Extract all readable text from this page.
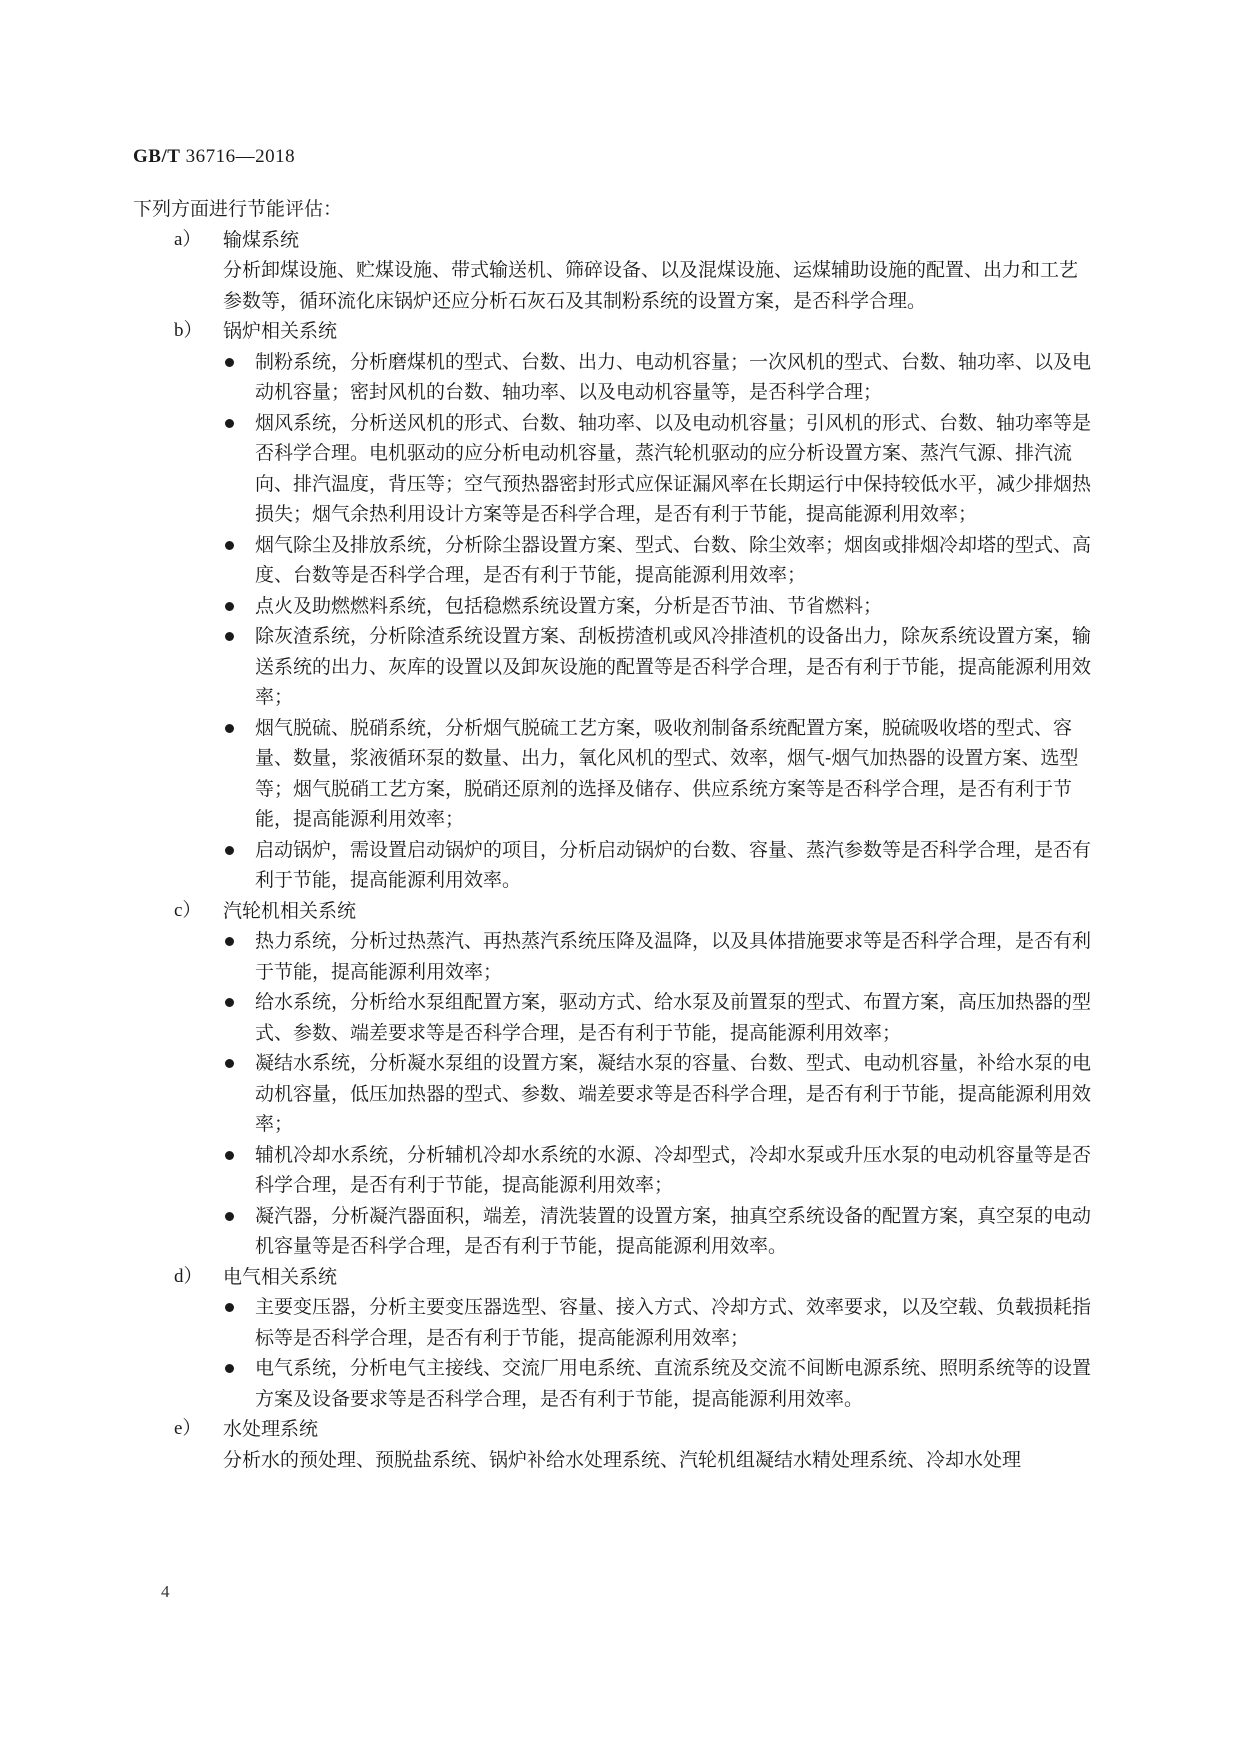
GB/T 36716—2018

下列方面进行节能评估：

a） 输煤系统

分析卸煤设施、贮煤设施、带式输送机、筛碎设备、以及混煤设施、运煤辅助设施的配置、出力和工艺参数等，循环流化床锅炉还应分析石灰石及其制粉系统的设置方案，是否科学合理。

b） 锅炉相关系统
制粉系统，分析磨煤机的型式、台数、出力、电动机容量；一次风机的型式、台数、轴功率、以及电动机容量；密封风机的台数、轴功率、以及电动机容量等，是否科学合理；
烟风系统，分析送风机的形式、台数、轴功率、以及电动机容量；引风机的形式、台数、轴功率等是否科学合理。电机驱动的应分析电动机容量，蒸汽轮机驱动的应分析设置方案、蒸汽气源、排汽流向、排汽温度，背压等；空气预热器密封形式应保证漏风率在长期运行中保持较低水平，减少排烟热损失；烟气余热利用设计方案等是否科学合理，是否有利于节能，提高能源利用效率；
烟气除尘及排放系统，分析除尘器设置方案、型式、台数、除尘效率；烟囱或排烟冷却塔的型式、高度、台数等是否科学合理，是否有利于节能，提高能源利用效率；
点火及助燃燃料系统，包括稳燃系统设置方案，分析是否节油、节省燃料；
除灰渣系统，分析除渣系统设置方案、刮板捞渣机或风冷排渣机的设备出力，除灰系统设置方案，输送系统的出力、灰库的设置以及卸灰设施的配置等是否科学合理，是否有利于节能，提高能源利用效率；
烟气脱硫、脱硝系统，分析烟气脱硫工艺方案，吸收剂制备系统配置方案，脱硫吸收塔的型式、容量、数量，浆液循环泵的数量、出力，氧化风机的型式、效率，烟气-烟气加热器的设置方案、选型等；烟气脱硝工艺方案，脱硝还原剂的选择及储存、供应系统方案等是否科学合理，是否有利于节能，提高能源利用效率；
启动锅炉，需设置启动锅炉的项目，分析启动锅炉的台数、容量、蒸汽参数等是否科学合理，是否有利于节能，提高能源利用效率。
c） 汽轮机相关系统
热力系统，分析过热蒸汽、再热蒸汽系统压降及温降，以及具体措施要求等是否科学合理，是否有利于节能，提高能源利用效率；
给水系统，分析给水泵组配置方案，驱动方式、给水泵及前置泵的型式、布置方案，高压加热器的型式、参数、端差要求等是否科学合理，是否有利于节能，提高能源利用效率；
凝结水系统，分析凝水泵组的设置方案，凝结水泵的容量、台数、型式、电动机容量，补给水泵的电动机容量，低压加热器的型式、参数、端差要求等是否科学合理，是否有利于节能，提高能源利用效率；
辅机冷却水系统，分析辅机冷却水系统的水源、冷却型式，冷却水泵或升压水泵的电动机容量等是否科学合理，是否有利于节能，提高能源利用效率；
凝汽器，分析凝汽器面积，端差，清洗装置的设置方案，抽真空系统设备的配置方案，真空泵的电动机容量等是否科学合理，是否有利于节能，提高能源利用效率。
d） 电气相关系统
主要变压器，分析主要变压器选型、容量、接入方式、冷却方式、效率要求，以及空载、负载损耗指标等是否科学合理，是否有利于节能，提高能源利用效率；
电气系统，分析电气主接线、交流厂用电系统、直流系统及交流不间断电源系统、照明系统等的设置方案及设备要求等是否科学合理，是否有利于节能，提高能源利用效率。
e） 水处理系统

分析水的预处理、预脱盐系统、锅炉补给水处理系统、汽轮机组凝结水精处理系统、冷却水处理

4
